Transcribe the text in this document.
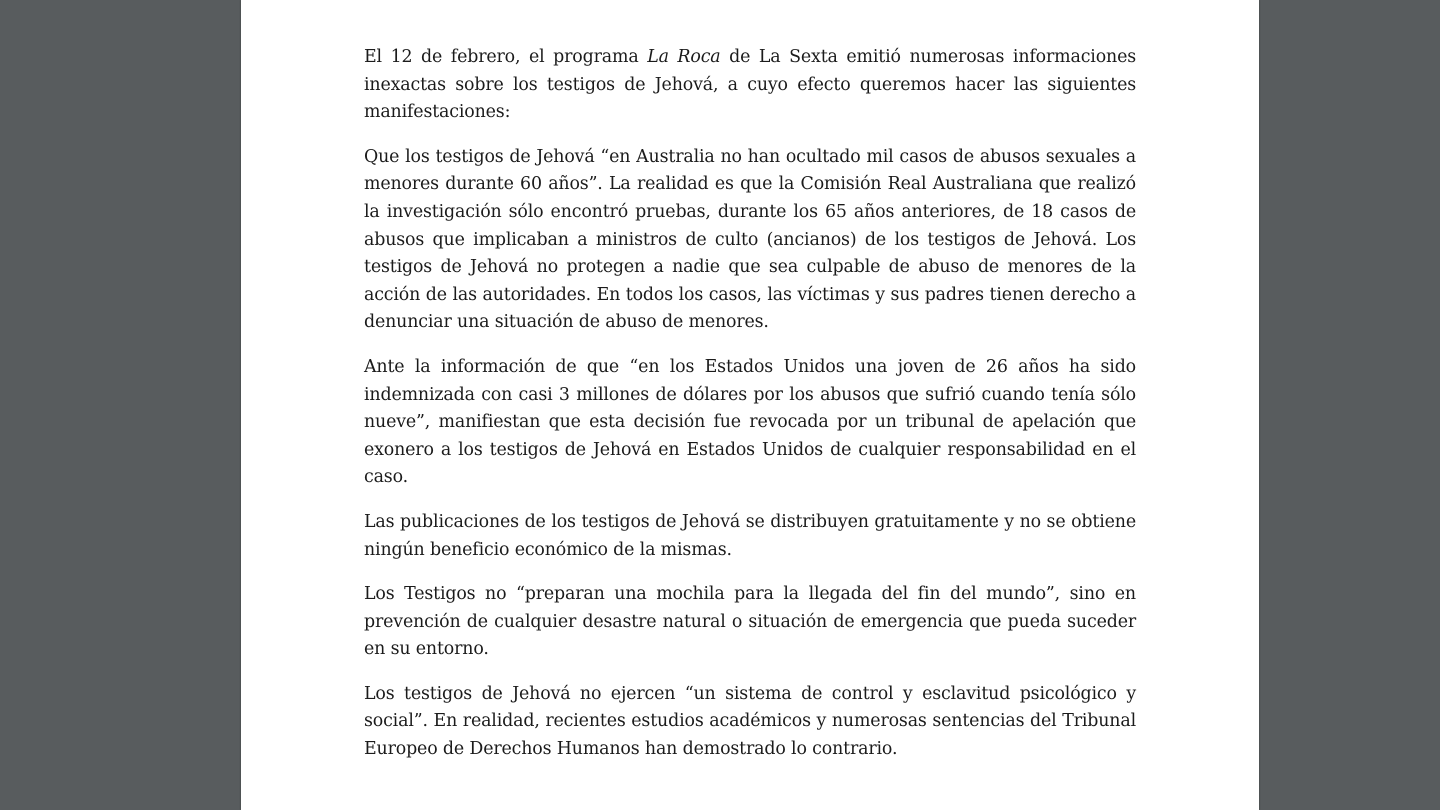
El 12 de febrero, el programa La Roca de La Sexta emitió numerosas informaciones inexactas sobre los testigos de Jehová, a cuyo efecto queremos hacer las siguientes manifestaciones:

Que los testigos de Jehová “en Australia no han ocultado mil casos de abusos sexuales a menores durante 60 años”. La realidad es que la Comisión Real Australiana que realizó la investigación sólo encontró pruebas, durante los 65 años anteriores, de 18 casos de abusos que implicaban a ministros de culto (ancianos) de los testigos de Jehová. Los testigos de Jehová no protegen a nadie que sea culpable de abuso de menores de la acción de las autoridades. En todos los casos, las víctimas y sus padres tienen derecho a denunciar una situación de abuso de menores.

Ante la información de que “en los Estados Unidos una joven de 26 años ha sido indemnizada con casi 3 millones de dólares por los abusos que sufrió cuando tenía sólo nueve”, manifiestan que esta decisión fue revocada por un tribunal de apelación que exonero a los testigos de Jehová en Estados Unidos de cualquier responsabilidad en el caso.

Las publicaciones de los testigos de Jehová se distribuyen gratuitamente y no se obtiene ningún beneficio económico de la mismas.

Los Testigos no “preparan una mochila para la llegada del fin del mundo”, sino en prevención de cualquier desastre natural o situación de emergencia que pueda suceder en su entorno.

Los testigos de Jehová no ejercen “un sistema de control y esclavitud psicológico y social”. En realidad, recientes estudios académicos y numerosas sentencias del Tribunal Europeo de Derechos Humanos han demostrado lo contrario.
